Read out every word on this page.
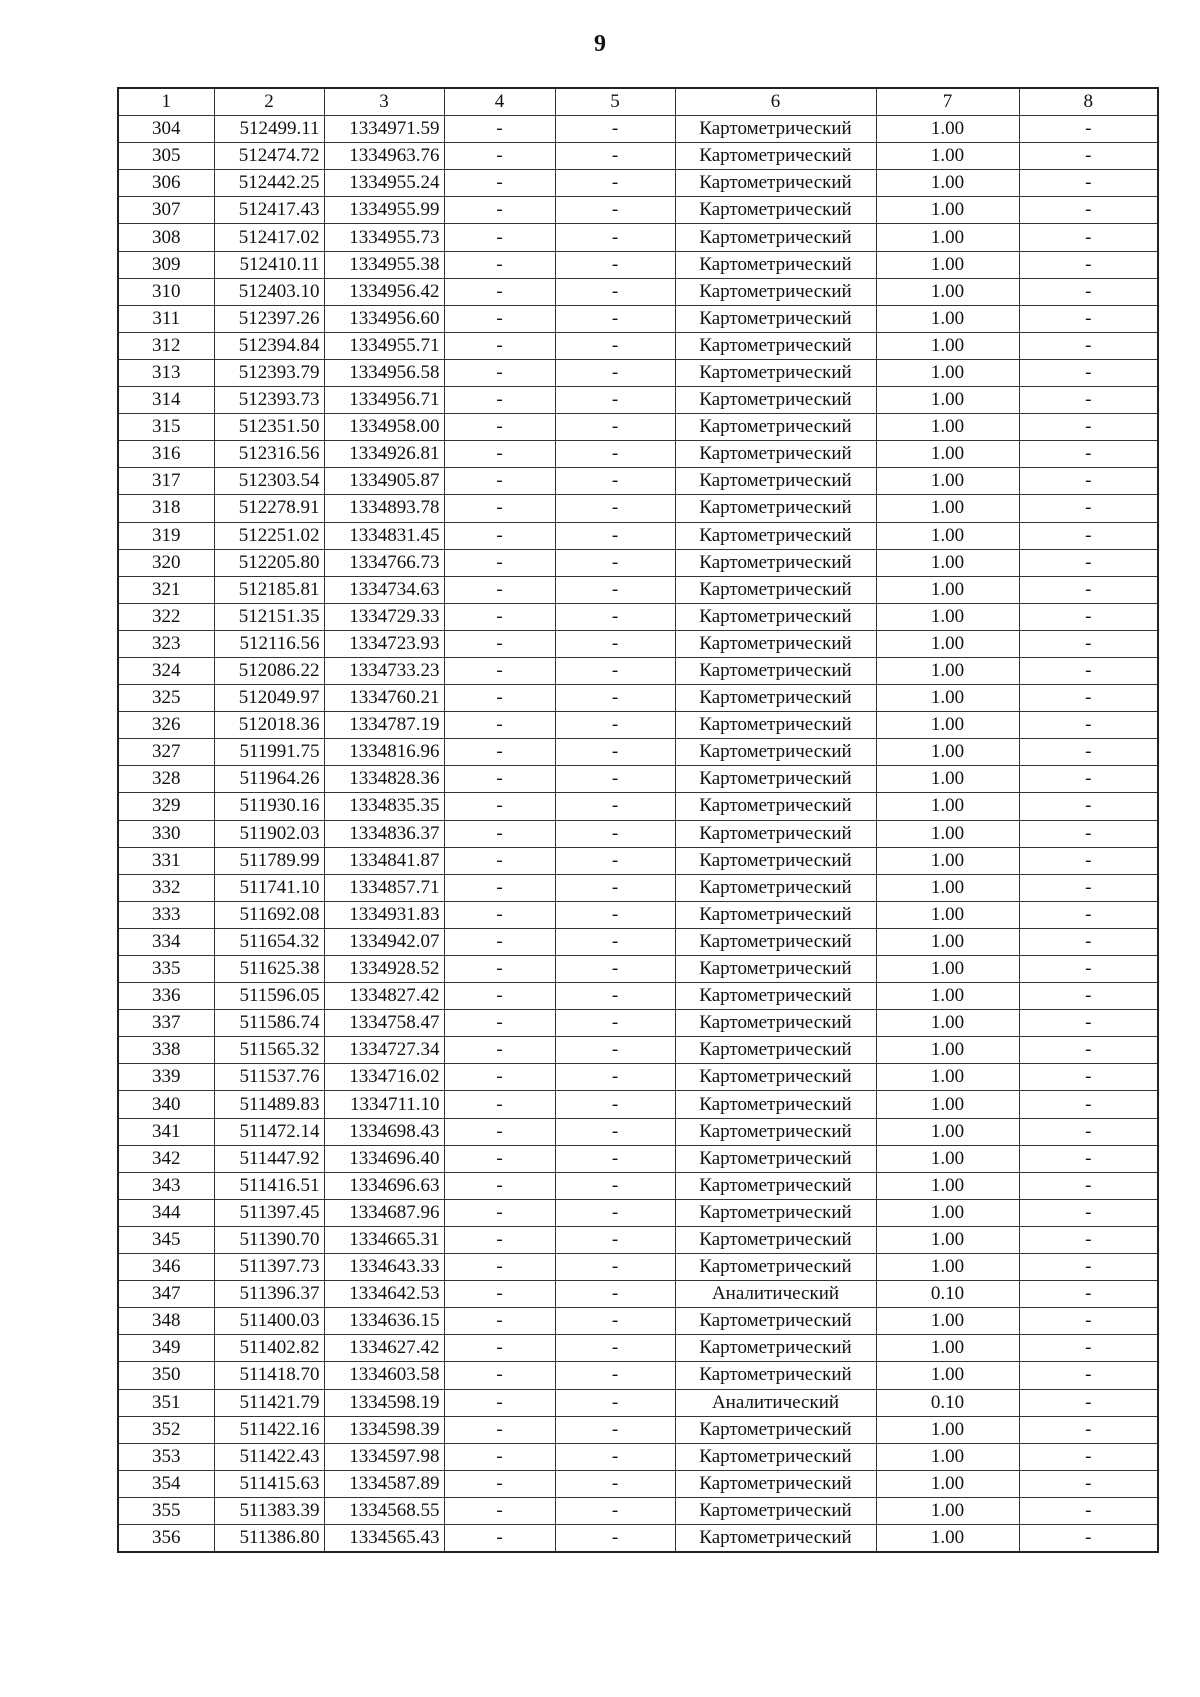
9
1	2	3	4	5	6	7	8
304	512499.11	1334971.59	-	-	Картометрический	1.00	-
305	512474.72	1334963.76	-	-	Картометрический	1.00	-
306	512442.25	1334955.24	-	-	Картометрический	1.00	-
307	512417.43	1334955.99	-	-	Картометрический	1.00	-
308	512417.02	1334955.73	-	-	Картометрический	1.00	-
309	512410.11	1334955.38	-	-	Картометрический	1.00	-
310	512403.10	1334956.42	-	-	Картометрический	1.00	-
311	512397.26	1334956.60	-	-	Картометрический	1.00	-
312	512394.84	1334955.71	-	-	Картометрический	1.00	-
313	512393.79	1334956.58	-	-	Картометрический	1.00	-
314	512393.73	1334956.71	-	-	Картометрический	1.00	-
315	512351.50	1334958.00	-	-	Картометрический	1.00	-
316	512316.56	1334926.81	-	-	Картометрический	1.00	-
317	512303.54	1334905.87	-	-	Картометрический	1.00	-
318	512278.91	1334893.78	-	-	Картометрический	1.00	-
319	512251.02	1334831.45	-	-	Картометрический	1.00	-
320	512205.80	1334766.73	-	-	Картометрический	1.00	-
321	512185.81	1334734.63	-	-	Картометрический	1.00	-
322	512151.35	1334729.33	-	-	Картометрический	1.00	-
323	512116.56	1334723.93	-	-	Картометрический	1.00	-
324	512086.22	1334733.23	-	-	Картометрический	1.00	-
325	512049.97	1334760.21	-	-	Картометрический	1.00	-
326	512018.36	1334787.19	-	-	Картометрический	1.00	-
327	511991.75	1334816.96	-	-	Картометрический	1.00	-
328	511964.26	1334828.36	-	-	Картометрический	1.00	-
329	511930.16	1334835.35	-	-	Картометрический	1.00	-
330	511902.03	1334836.37	-	-	Картометрический	1.00	-
331	511789.99	1334841.87	-	-	Картометрический	1.00	-
332	511741.10	1334857.71	-	-	Картометрический	1.00	-
333	511692.08	1334931.83	-	-	Картометрический	1.00	-
334	511654.32	1334942.07	-	-	Картометрический	1.00	-
335	511625.38	1334928.52	-	-	Картометрический	1.00	-
336	511596.05	1334827.42	-	-	Картометрический	1.00	-
337	511586.74	1334758.47	-	-	Картометрический	1.00	-
338	511565.32	1334727.34	-	-	Картометрический	1.00	-
339	511537.76	1334716.02	-	-	Картометрический	1.00	-
340	511489.83	1334711.10	-	-	Картометрический	1.00	-
341	511472.14	1334698.43	-	-	Картометрический	1.00	-
342	511447.92	1334696.40	-	-	Картометрический	1.00	-
343	511416.51	1334696.63	-	-	Картометрический	1.00	-
344	511397.45	1334687.96	-	-	Картометрический	1.00	-
345	511390.70	1334665.31	-	-	Картометрический	1.00	-
346	511397.73	1334643.33	-	-	Картометрический	1.00	-
347	511396.37	1334642.53	-	-	Аналитический	0.10	-
348	511400.03	1334636.15	-	-	Картометрический	1.00	-
349	511402.82	1334627.42	-	-	Картометрический	1.00	-
350	511418.70	1334603.58	-	-	Картометрический	1.00	-
351	511421.79	1334598.19	-	-	Аналитический	0.10	-
352	511422.16	1334598.39	-	-	Картометрический	1.00	-
353	511422.43	1334597.98	-	-	Картометрический	1.00	-
354	511415.63	1334587.89	-	-	Картометрический	1.00	-
355	511383.39	1334568.55	-	-	Картометрический	1.00	-
356	511386.80	1334565.43	-	-	Картометрический	1.00	-
